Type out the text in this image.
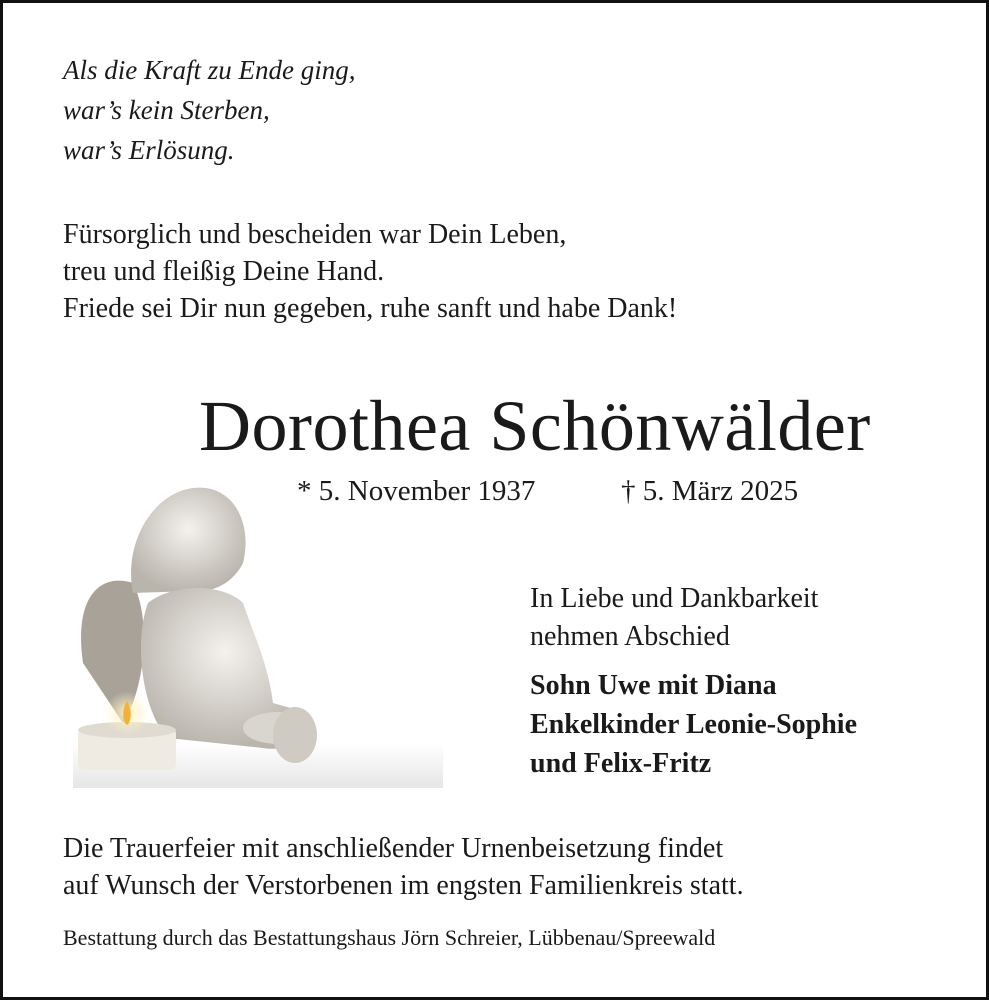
Als die Kraft zu Ende ging,
war’s kein Sterben,
war’s Erlösung.
Fürsorglich und bescheiden war Dein Leben,
treu und fleißig Deine Hand.
Friede sei Dir nun gegeben, ruhe sanft und habe Dank!
Dorothea Schönwälder
* 5. November 1937	† 5. März 2025
In Liebe und Dankbarkeit
nehmen Abschied
Sohn Uwe mit Diana
Enkelkinder Leonie-Sophie
und Felix-Fritz
Die Trauerfeier mit anschließender Urnenbeisetzung findet
auf Wunsch der Verstorbenen im engsten Familienkreis statt.
Bestattung durch das Bestattungshaus Jörn Schreier, Lübbenau/Spreewald
